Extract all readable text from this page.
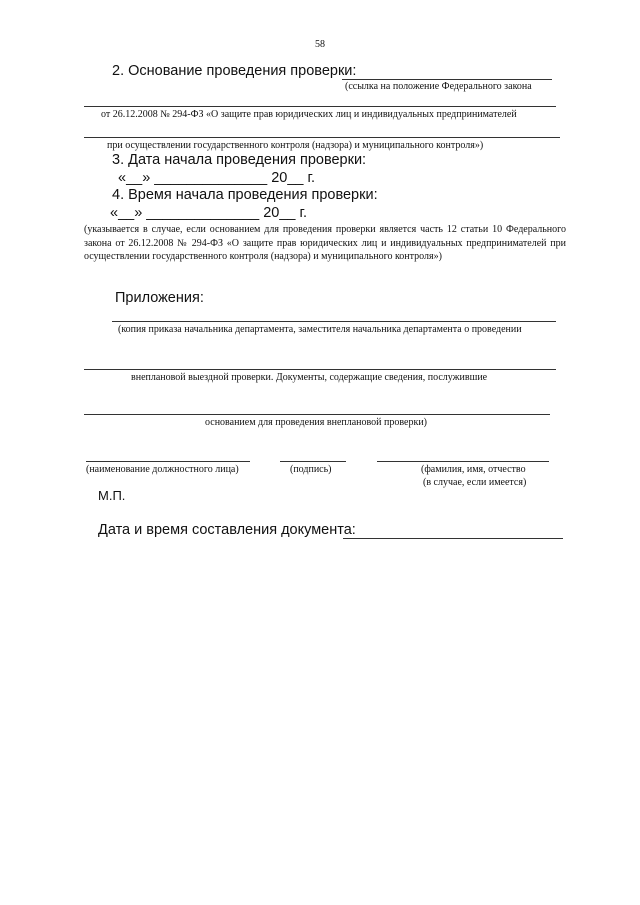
58
2. Основание проведения проверки:
(ссылка на положение Федерального закона
от 26.12.2008 № 294-ФЗ «О защите прав юридических лиц и индивидуальных предпринимателей
при осуществлении государственного контроля (надзора) и муниципального контроля»)
3. Дата начала проведения проверки:
«__» ______________ 20__ г.
4. Время начала проведения проверки:
«__» ______________ 20__ г.
(указывается в случае, если основанием для проведения проверки является часть 12 статьи 10 Федерального закона от 26.12.2008 № 294-ФЗ «О защите прав юридических лиц и индивидуальных предпринимателей при осуществлении государственного контроля (надзора) и муниципального контроля»)
Приложения:
(копия приказа начальника департамента, заместителя начальника департамента о проведении
внеплановой выездной проверки. Документы, содержащие сведения, послужившие
основанием для проведения внеплановой проверки)
(наименование должностного лица)	(подпись)	(фамилия, имя, отчество
(в случае, если имеется)
М.П.
Дата и время составления документа:
